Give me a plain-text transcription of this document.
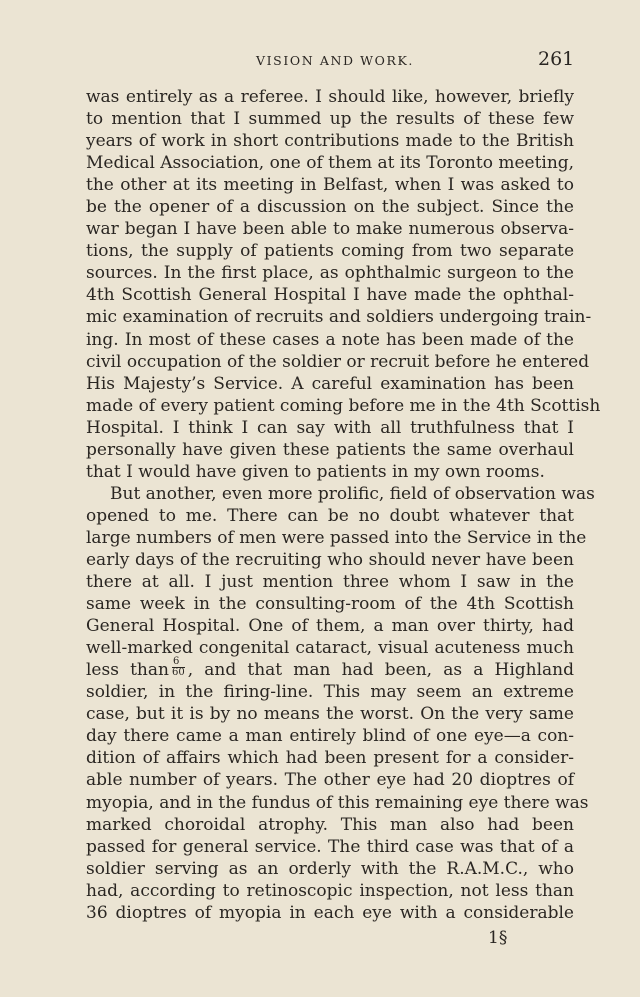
VISION AND WORK.	261
was entirely as a referee. I should like, however, briefly
to mention that I summed up the results of these few
years of work in short contributions made to the British
Medical Association, one of them at its Toronto meeting,
the other at its meeting in Belfast, when I was asked to
be the opener of a discussion on the subject. Since the
war began I have been able to make numerous observa-
tions, the supply of patients coming from two separate
sources. In the first place, as ophthalmic surgeon to the
4th Scottish General Hospital I have made the ophthal-
mic examination of recruits and soldiers undergoing train-
ing. In most of these cases a note has been made of the
civil occupation of the soldier or recruit before he entered
His Majesty’s Service. A careful examination has been
made of every patient coming before me in the 4th Scottish
Hospital. I think I can say with all truthfulness that I
personally have given these patients the same overhaul
that I would have given to patients in my own rooms.
But another, even more prolific, field of observation was
opened to me. There can be no doubt whatever that
large numbers of men were passed into the Service in the
early days of the recruiting who should never have been
there at all. I just mention three whom I saw in the
same week in the consulting-room of the 4th Scottish
General Hospital. One of them, a man over thirty, had
well-marked congenital cataract, visual acuteness much
less than $\frac{6}{60}$ , and that man had been, as a Highland
soldier, in the firing-line. This may seem an extreme
case, but it is by no means the worst. On the very same
day there came a man entirely blind of one eye—a con-
dition of affairs which had been present for a consider-
able number of years. The other eye had 20 dioptres of
myopia, and in the fundus of this remaining eye there was
marked choroidal atrophy. This man also had been
passed for general service. The third case was that of a
soldier serving as an orderly with the R.A.M.C., who
had, according to retinoscopic inspection, not less than
36 dioptres of myopia in each eye with a considerable
1§
